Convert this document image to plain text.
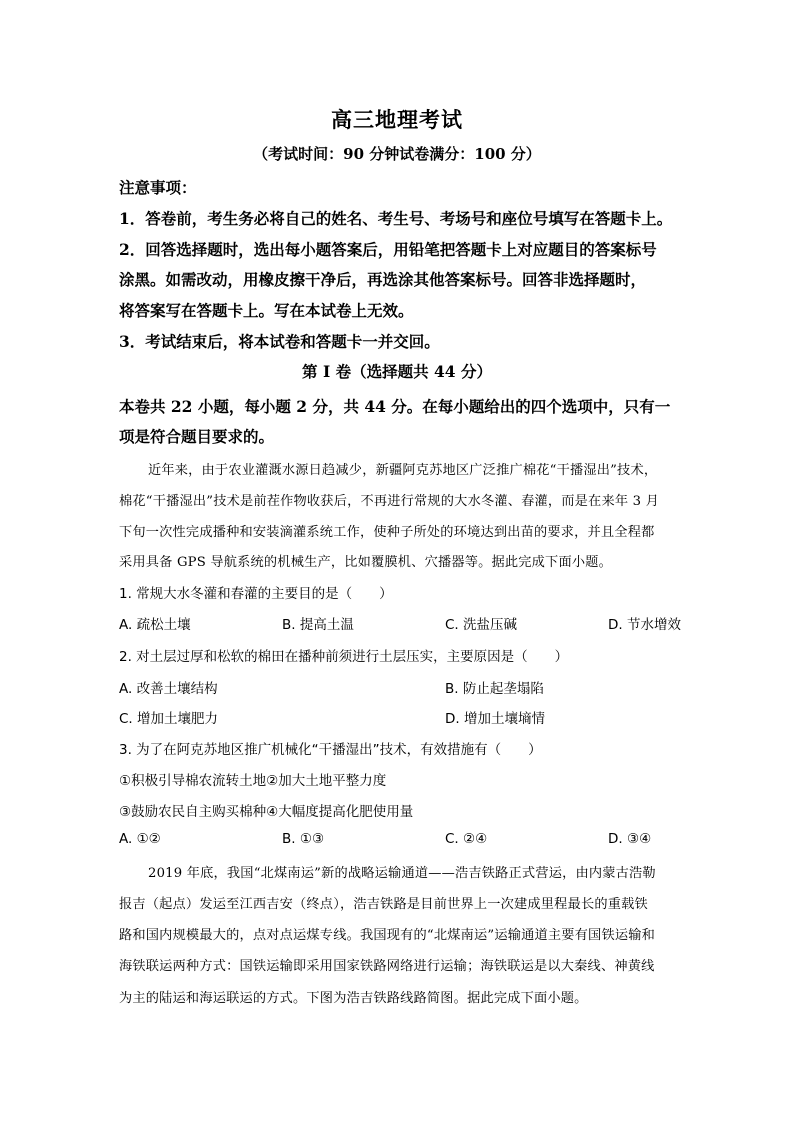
高三地理考试
（考试时间：90 分钟试卷满分：100 分）
注意事项：
1．答卷前，考生务必将自己的姓名、考生号、考场号和座位号填写在答题卡上。
2．回答选择题时，选出每小题答案后，用铅笔把答题卡上对应题目的答案标号
涂黑。如需改动，用橡皮擦干净后，再选涂其他答案标号。回答非选择题时，
将答案写在答题卡上。写在本试卷上无效。
3．考试结束后，将本试卷和答题卡一并交回。
第 I 卷（选择题共 44 分）
本卷共 22 小题，每小题 2 分，共 44 分。在每小题给出的四个选项中，只有一
项是符合题目要求的。
近年来，由于农业灌溉水源日趋减少，新疆阿克苏地区广泛推广棉花“干播湿出”技术，
棉花“干播湿出”技术是前茬作物收获后，不再进行常规的大水冬灌、春灌，而是在来年 3 月
下旬一次性完成播种和安装滴灌系统工作，使种子所处的环境达到出苗的要求，并且全程都
采用具备 GPS 导航系统的机械生产，比如覆膜机、穴播器等。据此完成下面小题。
1. 常规大水冬灌和春灌的主要目的是（　　）
A. 疏松土壤	B. 提高土温	C. 洗盐压碱	D. 节水增效
2. 对土层过厚和松软的棉田在播种前须进行土层压实，主要原因是（　　）
A. 改善土壤结构	B. 防止起垄塌陷
C. 增加土壤肥力	D. 增加土壤墒情
3. 为了在阿克苏地区推广机械化“干播湿出”技术，有效措施有（　　）
①积极引导棉农流转土地②加大土地平整力度
③鼓励农民自主购买棉种④大幅度提高化肥使用量
A. ①②	B. ①③	C. ②④	D. ③④
2019 年底，我国“北煤南运”新的战略运输通道——浩吉铁路正式营运，由内蒙古浩勒
报吉（起点）发运至江西吉安（终点），浩吉铁路是目前世界上一次建成里程最长的重载铁
路和国内规模最大的，点对点运煤专线。我国现有的“北煤南运”运输通道主要有国铁运输和
海铁联运两种方式：国铁运输即采用国家铁路网络进行运输；海铁联运是以大秦线、神黄线
为主的陆运和海运联运的方式。下图为浩吉铁路线路简图。据此完成下面小题。
